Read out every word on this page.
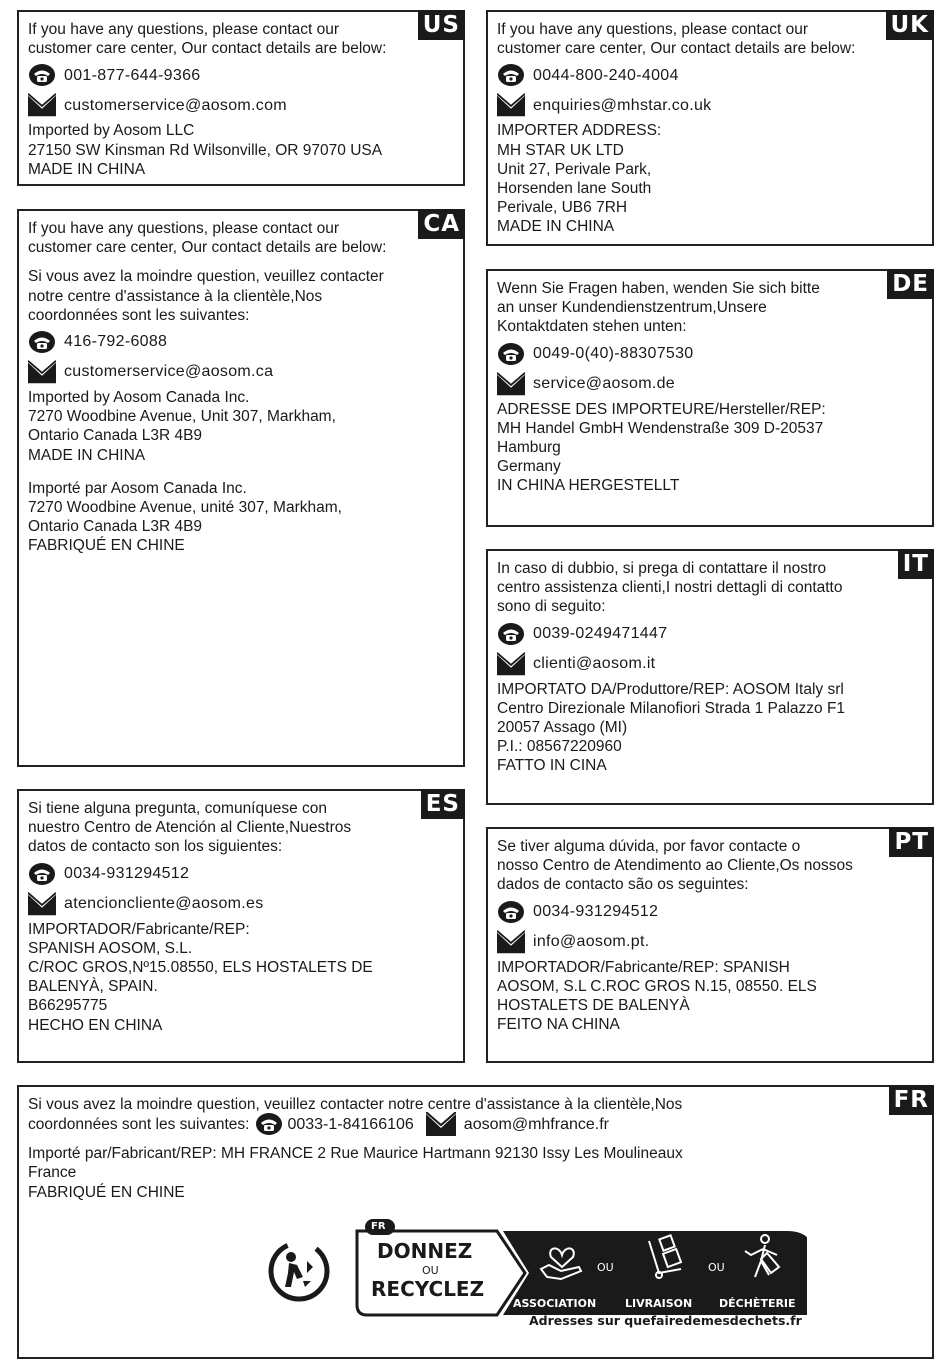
US

If you have any questions, please contact our
customer care center, Our contact details are below:

001-877-644-9366
customerservice@aosom.com

Imported by Aosom LLC
27150 SW Kinsman Rd Wilsonville, OR 97070 USA
MADE IN CHINA

CA

If you have any questions, please contact our
customer care center, Our contact details are below:

Si vous avez la moindre question, veuillez contacter
notre centre d'assistance à la clientèle,Nos
coordonnées sont les suivantes:

416-792-6088
customerservice@aosom.ca

Imported by Aosom Canada Inc.
7270 Woodbine Avenue, Unit 307, Markham,
Ontario Canada L3R 4B9
MADE IN CHINA

Importé par Aosom Canada Inc.
7270 Woodbine Avenue, unité 307, Markham,
Ontario Canada L3R 4B9
FABRIQUÉ EN CHINE

ES

Si tiene alguna pregunta, comuníquese con
nuestro Centro de Atención al Cliente,Nuestros
datos de contacto son los siguientes:

0034-931294512
atencioncliente@aosom.es

IMPORTADOR/Fabricante/REP:
SPANISH AOSOM, S.L.
C/ROC GROS,Nº15.08550, ELS HOSTALETS DE
BALENYÀ, SPAIN.
B66295775
HECHO EN CHINA

UK

If you have any questions, please contact our
customer care center, Our contact details are below:

0044-800-240-4004
enquiries@mhstar.co.uk

IMPORTER ADDRESS:
MH STAR UK LTD
Unit 27, Perivale Park,
Horsenden lane South
Perivale, UB6 7RH
MADE IN CHINA

DE

Wenn Sie Fragen haben, wenden Sie sich bitte
an unser Kundendienstzentrum,Unsere
Kontaktdaten stehen unten:

0049-0(40)-88307530
service@aosom.de

ADRESSE DES IMPORTEURE/Hersteller/REP:
MH Handel GmbH Wendenstraße 309 D-20537
Hamburg
Germany
IN CHINA HERGESTELLT

IT

In caso di dubbio, si prega di contattare il nostro
centro assistenza clienti,I nostri dettagli di contatto
sono di seguito:

0039-0249471447
clienti@aosom.it

IMPORTATO DA/Produttore/REP: AOSOM Italy srl
Centro Direzionale Milanofiori Strada 1 Palazzo F1
20057 Assago (MI)
P.I.: 08567220960
FATTO IN CINA

PT

Se tiver alguma dúvida, por favor contacte o
nosso Centro de Atendimento ao Cliente,Os nossos
dados de contacto são os seguintes:

0034-931294512
info@aosom.pt.

IMPORTADOR/Fabricante/REP: SPANISH
AOSOM, S.L C.ROC GROS N.15, 08550. ELS
HOSTALETS DE BALENYÀ
FEITO NA CHINA

FR

Si vous avez la moindre question, veuillez contacter notre centre d'assistance à la clientèle,Nos

coordonnées sont les suivantes: 0033-1-84166106	aosom@mhfrance.fr

Importé par/Fabricant/REP: MH FRANCE 2 Rue Maurice Hartmann 92130 Issy Les Moulineaux
France
FABRIQUÉ EN CHINE

FR
DONNEZ
OU
RECYCLEZ
OU	OU
ASSOCIATION	LIVRAISON DÉCHÈTERIE
Adresses sur quefairedemesdechets.fr
